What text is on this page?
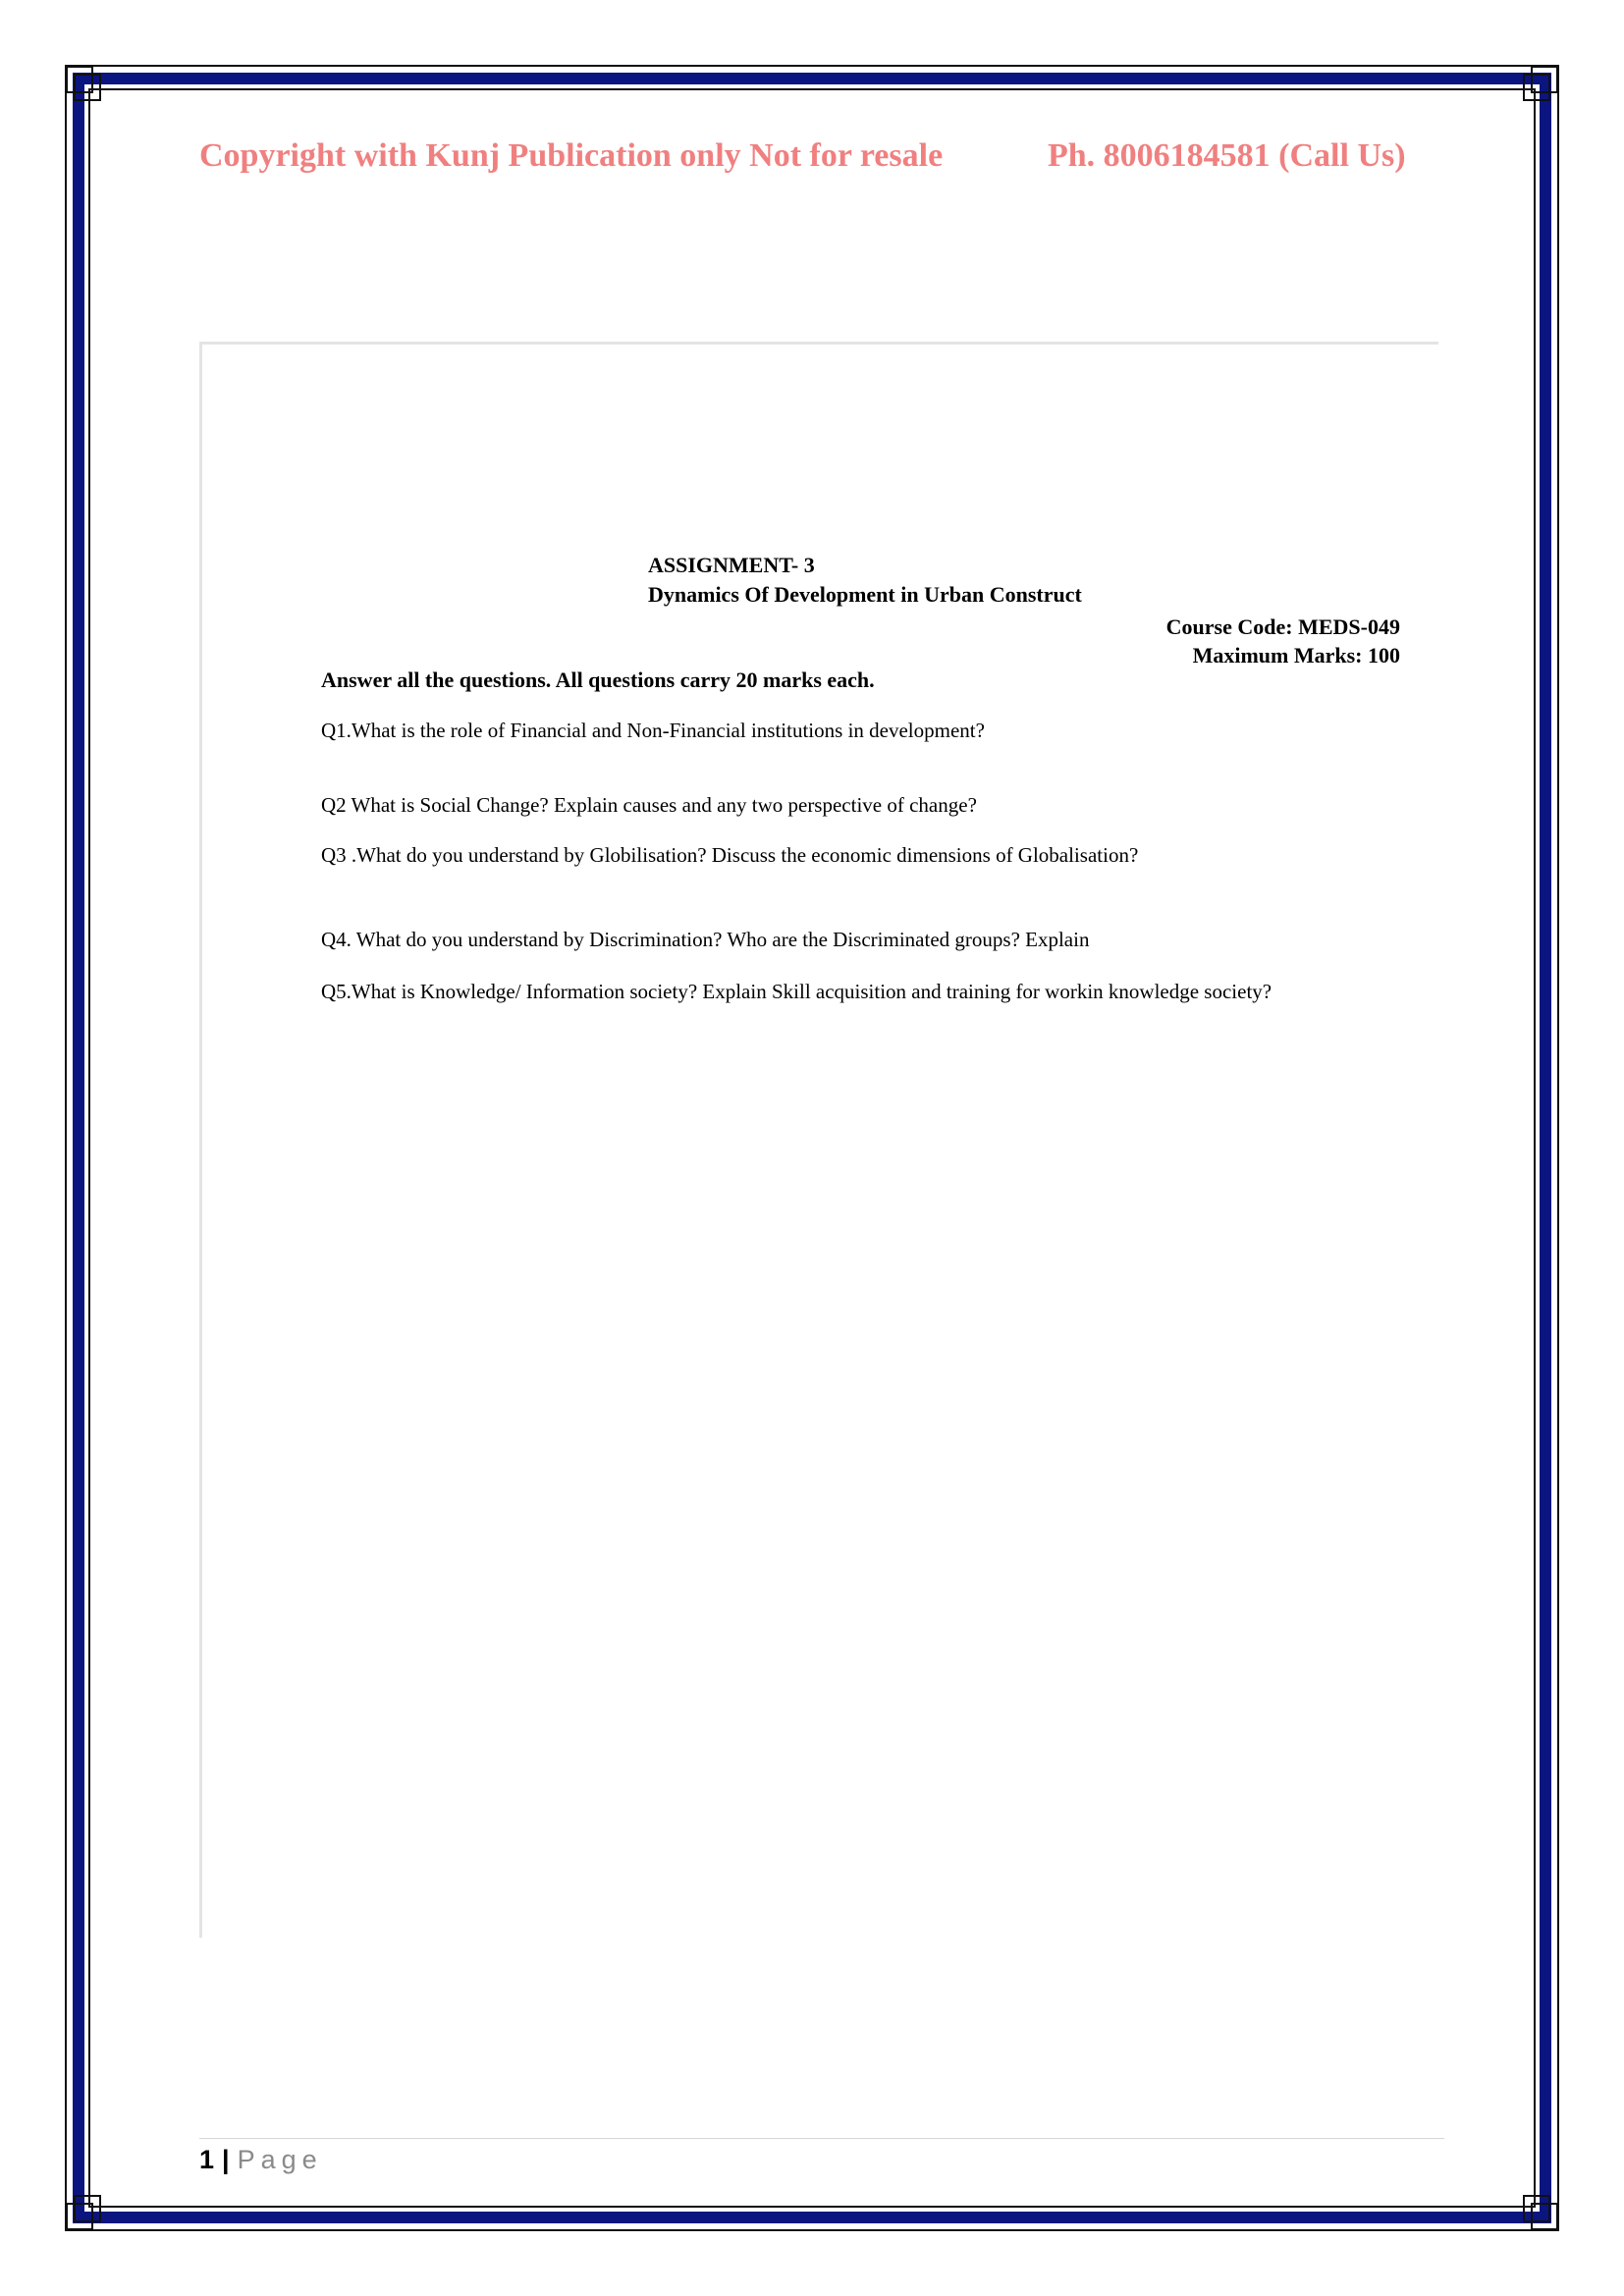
Copyright with Kunj Publication only Not for resale	Ph. 8006184581 (Call Us)
ASSIGNMENT- 3
Dynamics Of Development in Urban Construct
Course Code: MEDS-049
Maximum Marks: 100
Answer all the questions. All questions carry 20 marks each.
Q1.What is the role of Financial and Non-Financial institutions in development?
Q2 What is Social Change? Explain causes and any two perspective of change?
Q3 .What do you understand by Globilisation? Discuss the economic dimensions of Globalisation?
Q4. What do you understand by Discrimination? Who are the Discriminated groups? Explain
Q5.What is Knowledge/ Information society? Explain Skill acquisition and training for workin knowledge society?
1 | Page
